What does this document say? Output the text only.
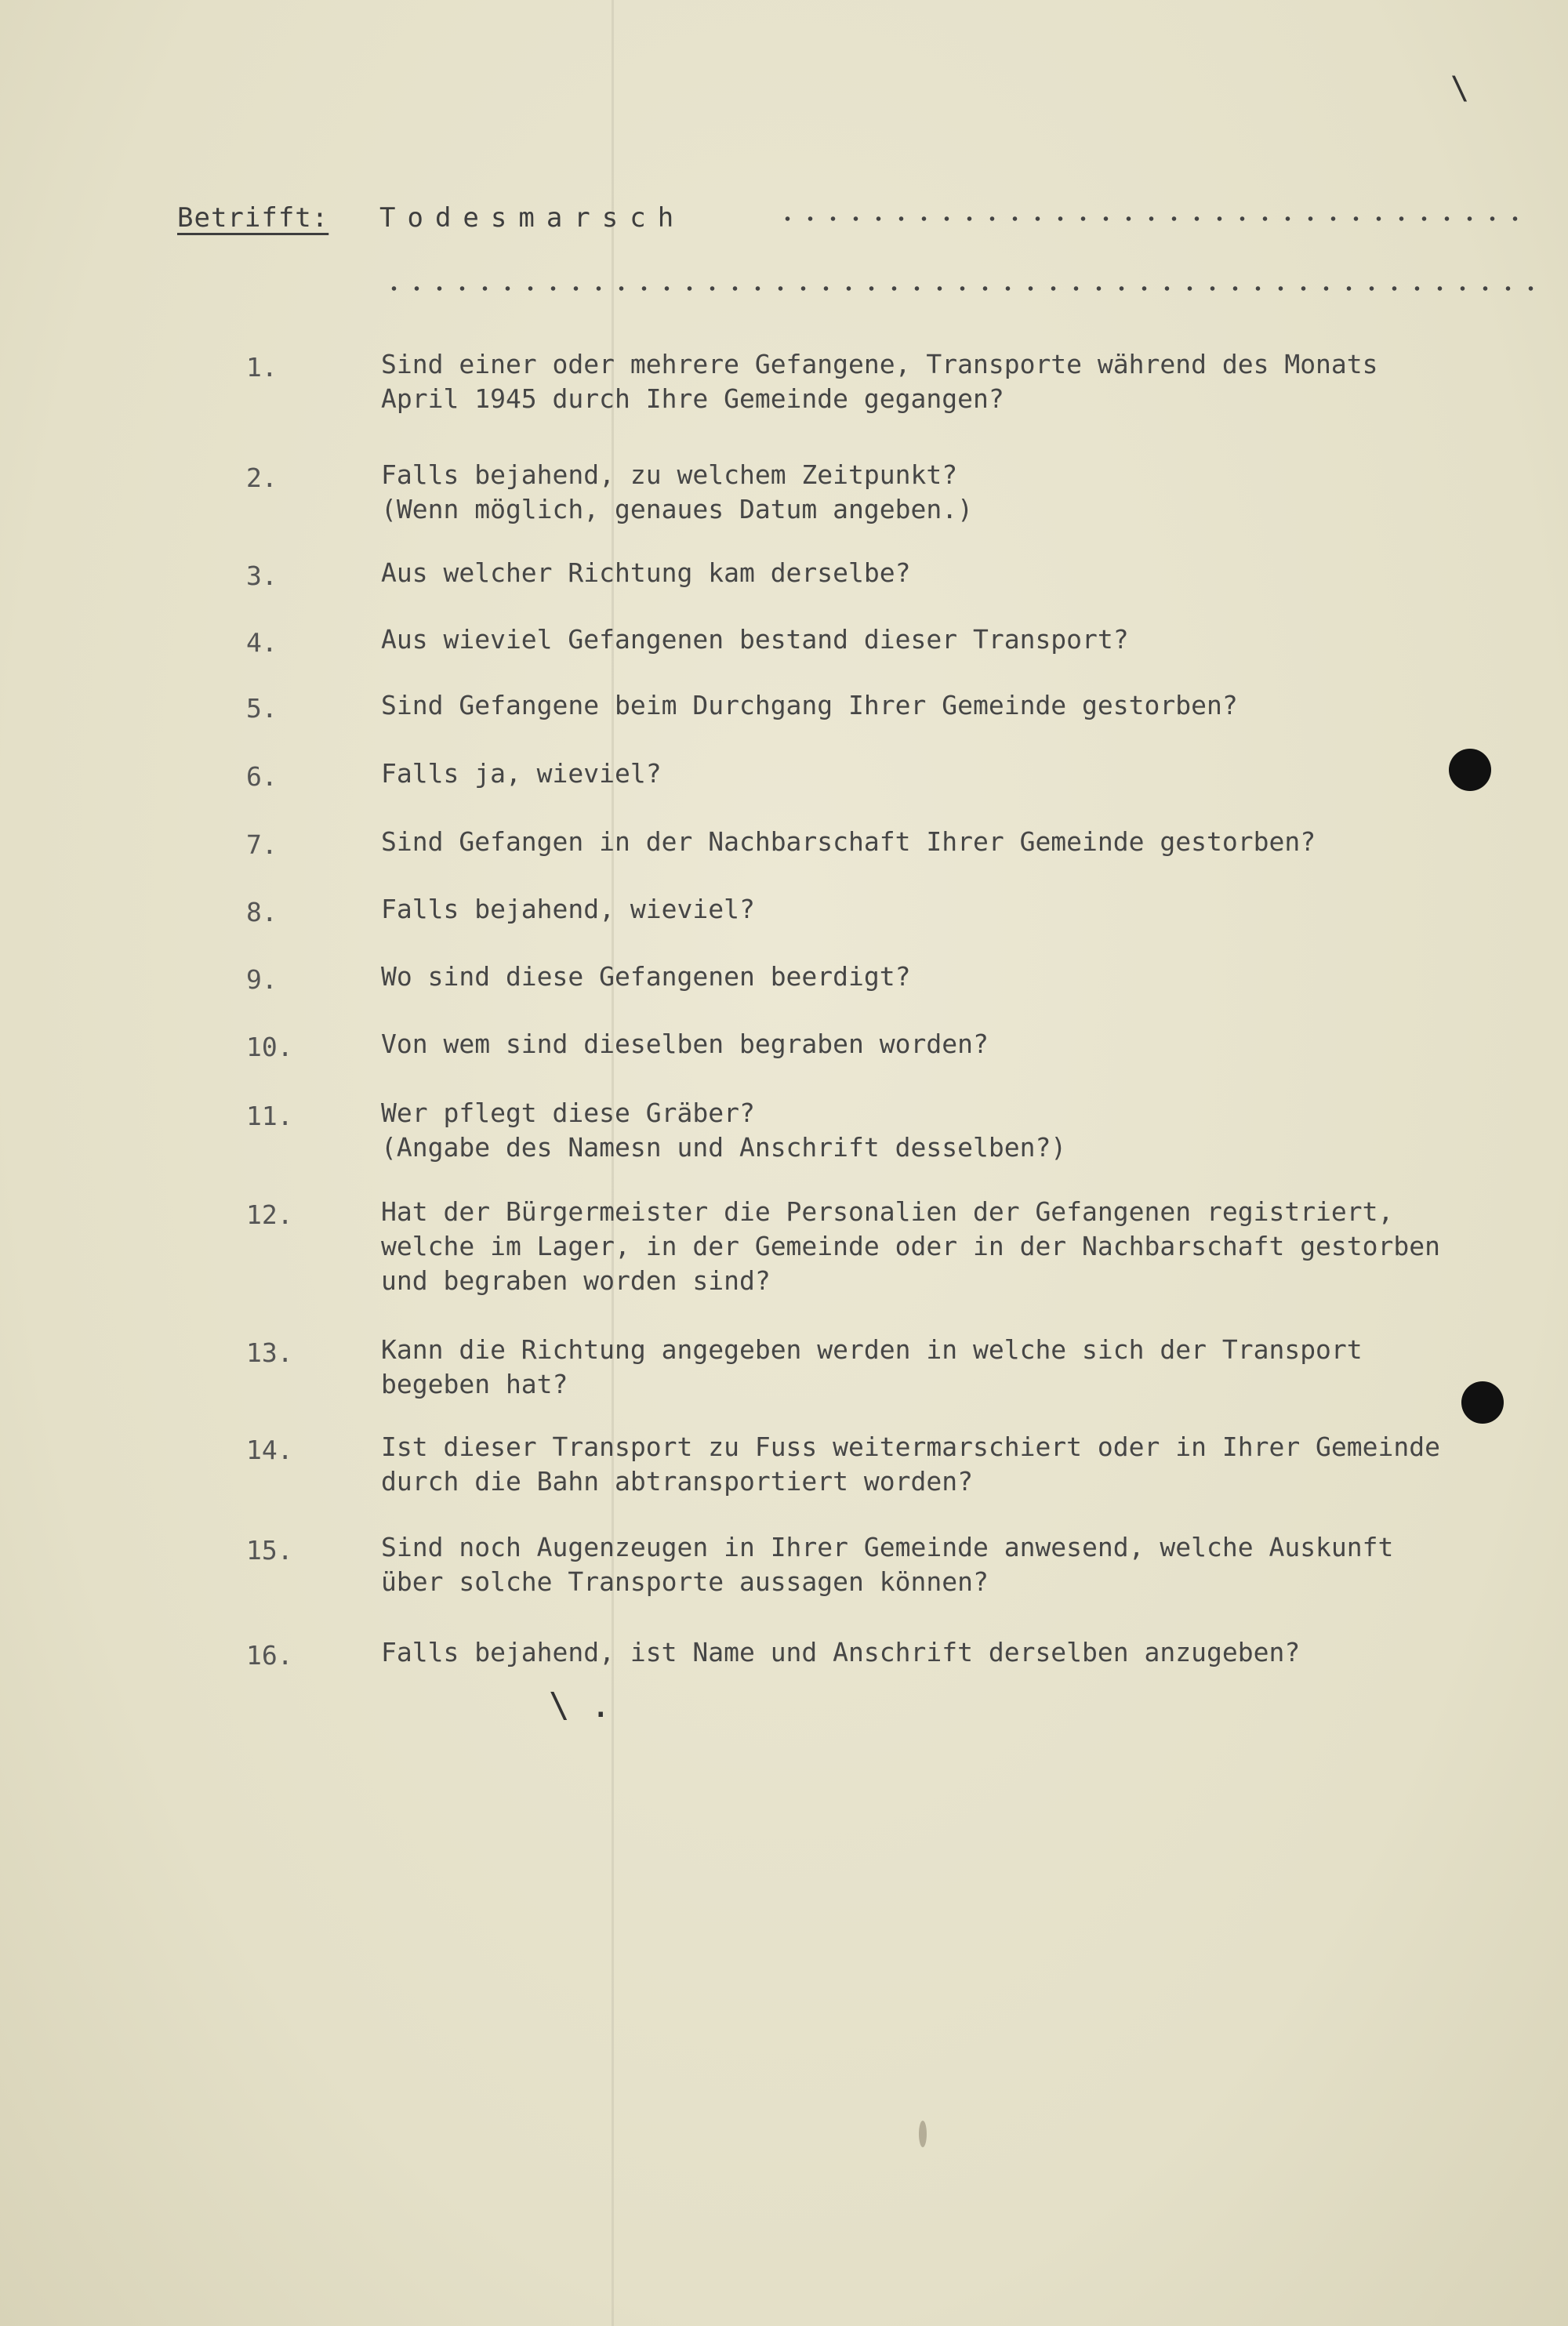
\
Betrifft: Todesmarsch
1.	Sind einer oder mehrere Gefangene, Transporte während des Monats
April 1945 durch Ihre Gemeinde gegangen?
2.	Falls bejahend, zu welchem Zeitpunkt?
(Wenn möglich, genaues Datum angeben.)
3.	Aus welcher Richtung kam derselbe?
4.	Aus wieviel Gefangenen bestand dieser Transport?
5.	Sind Gefangene beim Durchgang Ihrer Gemeinde gestorben?
6.	Falls ja, wieviel?
7.	Sind Gefangen in der Nachbarschaft Ihrer Gemeinde gestorben?
8.	Falls bejahend, wieviel?
9.	Wo sind diese Gefangenen beerdigt?
10.	Von wem sind dieselben begraben worden?
11.	Wer pflegt diese Gräber?
(Angabe des Namesn und Anschrift desselben?)
12.	Hat der Bürgermeister die Personalien der Gefangenen registriert,
welche im Lager, in der Gemeinde oder in der Nachbarschaft gestorben
und begraben worden sind?
13.	Kann die Richtung angegeben werden in welche sich der Transport
begeben hat?
14.	Ist dieser Transport zu Fuss weitermarschiert oder in Ihrer Gemeinde
durch die Bahn abtransportiert worden?
15.	Sind noch Augenzeugen in Ihrer Gemeinde anwesend, welche Auskunft
über solche Transporte aussagen können?
16.	Falls bejahend, ist Name und Anschrift derselben anzugeben?
\ .
